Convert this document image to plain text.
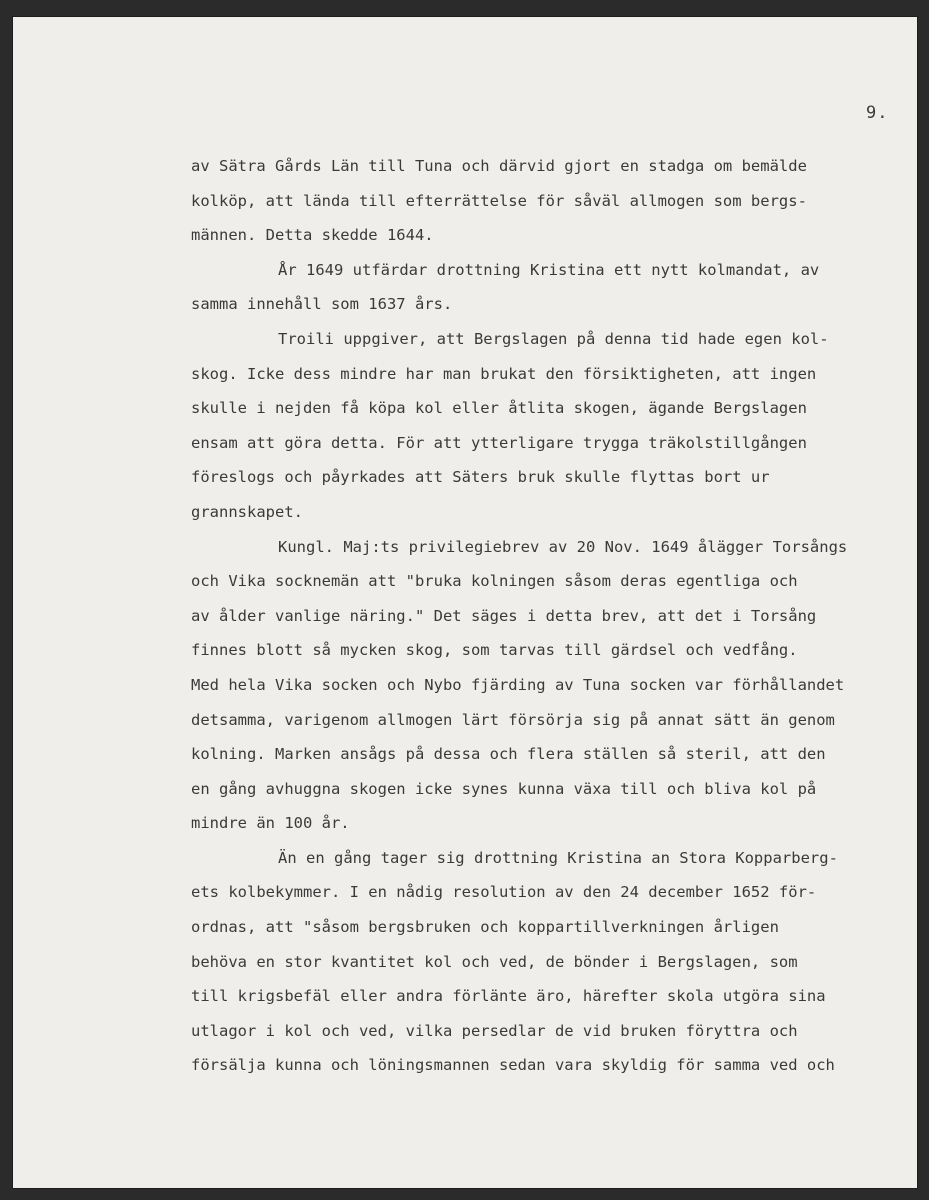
9.

av Sätra Gårds Län till Tuna och därvid gjort en stadga om bemälde
kolköp, att lända till efterrättelse för såväl allmogen som bergs-
männen. Detta skedde 1644.
År 1649 utfärdar drottning Kristina ett nytt kolmandat, av
samma innehåll som 1637 års.
Troili uppgiver, att Bergslagen på denna tid hade egen kol-
skog. Icke dess mindre har man brukat den försiktigheten, att ingen
skulle i nejden få köpa kol eller åtlita skogen, ägande Bergslagen
ensam att göra detta. För att ytterligare trygga träkolstillgången
föreslogs och påyrkades att Säters bruk skulle flyttas bort ur
grannskapet.
Kungl. Maj:ts privilegiebrev av 20 Nov. 1649 ålägger Torsångs
och Vika socknemän att "bruka kolningen såsom deras egentliga och
av ålder vanlige näring." Det säges i detta brev, att det i Torsång
finnes blott så mycken skog, som tarvas till gärdsel och vedfång.
Med hela Vika socken och Nybo fjärding av Tuna socken var förhållandet
detsamma, varigenom allmogen lärt försörja sig på annat sätt än genom
kolning. Marken ansågs på dessa och flera ställen så steril, att den
en gång avhuggna skogen icke synes kunna växa till och bliva kol på
mindre än 100 år.
Än en gång tager sig drottning Kristina an Stora Kopparberg-
ets kolbekymmer. I en nådig resolution av den 24 december 1652 för-
ordnas, att "såsom bergsbruken och koppartillverkningen årligen
behöva en stor kvantitet kol och ved, de bönder i Bergslagen, som
till krigsbefäl eller andra förlänte äro, härefter skola utgöra sina
utlagor i kol och ved, vilka persedlar de vid bruken föryttra och
försälja kunna och löningsmannen sedan vara skyldig för samma ved och
